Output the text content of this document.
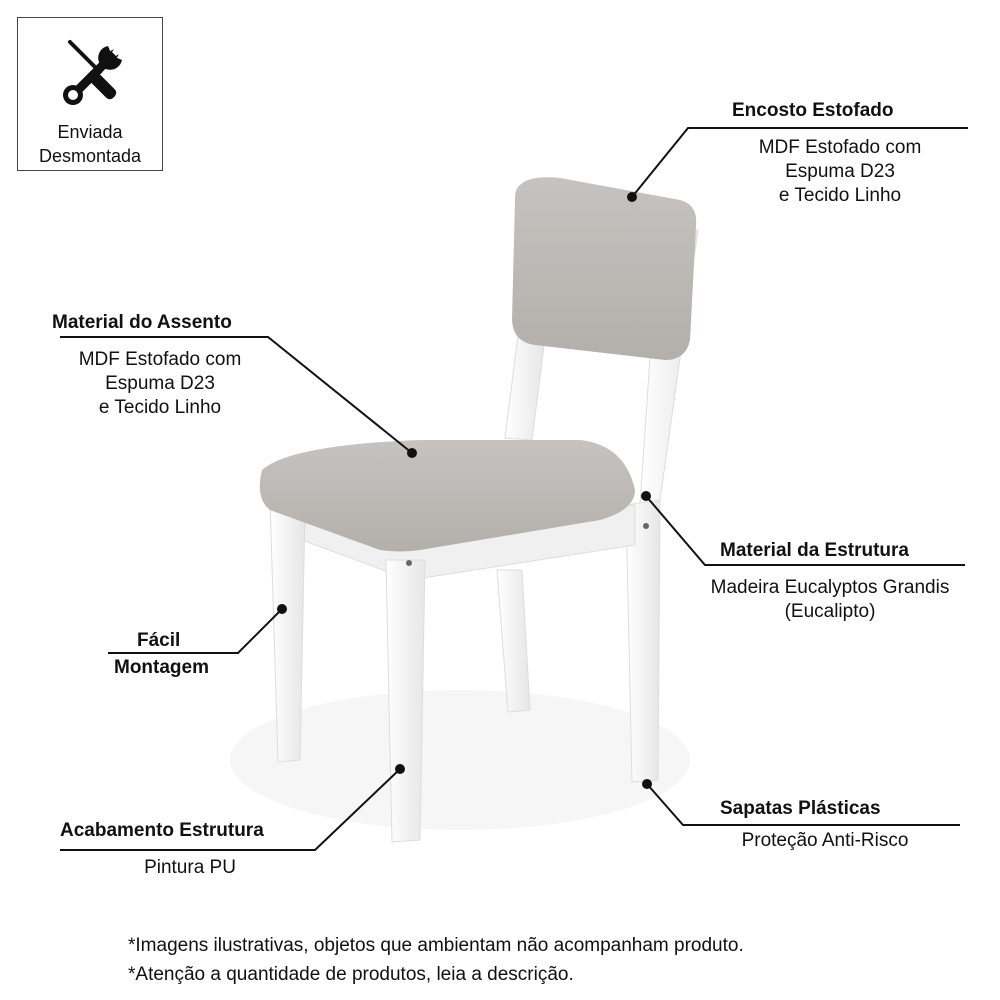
Enviada
Desmontada
Encosto Estofado
MDF Estofado com
Espuma D23
e Tecido Linho
Material do Assento
MDF Estofado com
Espuma D23
e Tecido Linho
Material da Estrutura
Madeira Eucalyptos Grandis
(Eucalipto)
Fácil
Montagem
Acabamento Estrutura
Pintura PU
Sapatas Plásticas
Proteção Anti-Risco
*Imagens ilustrativas, objetos que ambientam não acompanham produto.
*Atenção a quantidade de produtos, leia a descrição.
